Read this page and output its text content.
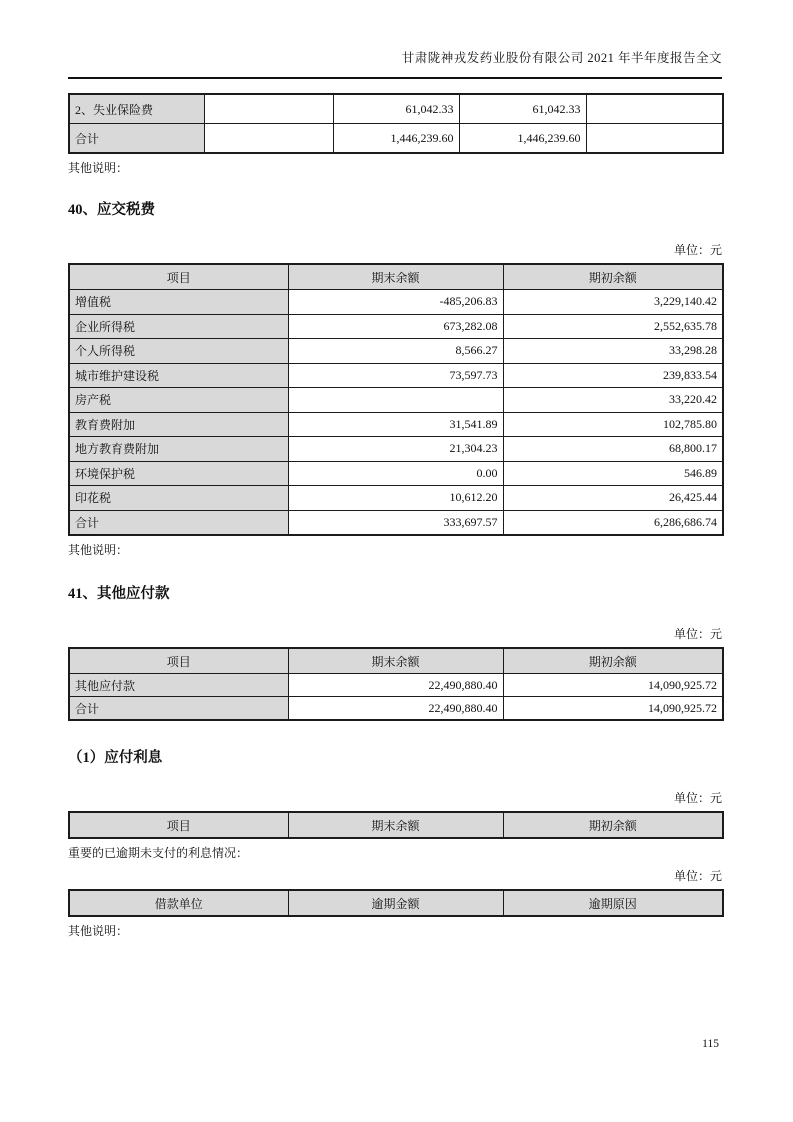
甘肃陇神戎发药业股份有限公司 2021 年半年度报告全文
2、失业保险费		61,042.33	61,042.33	
合计		1,446,239.60	1,446,239.60	
其他说明：
40、应交税费
单位：元
项目	期末余额	期初余额
增值税	-485,206.83	3,229,140.42
企业所得税	673,282.08	2,552,635.78
个人所得税	8,566.27	33,298.28
城市维护建设税	73,597.73	239,833.54
房产税		33,220.42
教育费附加	31,541.89	102,785.80
地方教育费附加	21,304.23	68,800.17
环境保护税	0.00	546.89
印花税	10,612.20	26,425.44
合计	333,697.57	6,286,686.74
其他说明：
41、其他应付款
单位：元
项目	期末余额	期初余额
其他应付款	22,490,880.40	14,090,925.72
合计	22,490,880.40	14,090,925.72
（1）应付利息
单位：元
项目	期末余额	期初余额
重要的已逾期未支付的利息情况：
单位：元
借款单位	逾期金额	逾期原因
其他说明：
115
